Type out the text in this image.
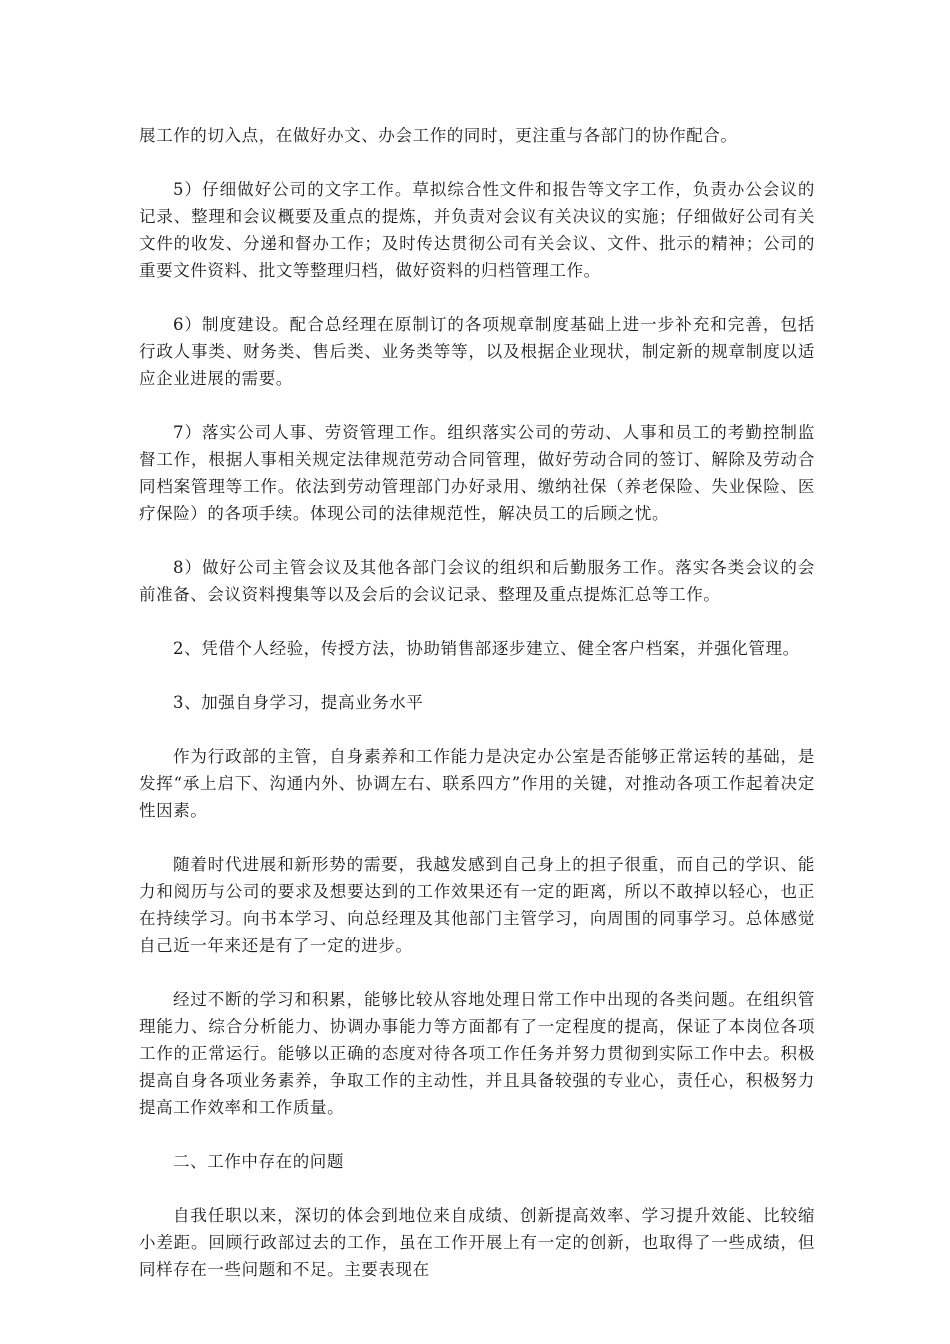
展工作的切入点，在做好办文、办会工作的同时，更注重与各部门的协作配合。

5）仔细做好公司的文字工作。草拟综合性文件和报告等文字工作，负责办公会议的记录、整理和会议概要及重点的提炼，并负责对会议有关决议的实施；仔细做好公司有关文件的收发、分递和督办工作；及时传达贯彻公司有关会议、文件、批示的精神；公司的重要文件资料、批文等整理归档，做好资料的归档管理工作。

6）制度建设。配合总经理在原制订的各项规章制度基础上进一步补充和完善，包括行政人事类、财务类、售后类、业务类等等，以及根据企业现状，制定新的规章制度以适应企业进展的需要。

7）落实公司人事、劳资管理工作。组织落实公司的劳动、人事和员工的考勤控制监督工作，根据人事相关规定法律规范劳动合同管理，做好劳动合同的签订、解除及劳动合同档案管理等工作。依法到劳动管理部门办好录用、缴纳社保（养老保险、失业保险、医疗保险）的各项手续。体现公司的法律规范性，解决员工的后顾之忧。

8）做好公司主管会议及其他各部门会议的组织和后勤服务工作。落实各类会议的会前准备、会议资料搜集等以及会后的会议记录、整理及重点提炼汇总等工作。

2、凭借个人经验，传授方法，协助销售部逐步建立、健全客户档案，并强化管理。

3、加强自身学习，提高业务水平

作为行政部的主管，自身素养和工作能力是决定办公室是否能够正常运转的基础，是发挥“承上启下、沟通内外、协调左右、联系四方”作用的关键，对推动各项工作起着决定性因素。

随着时代进展和新形势的需要，我越发感到自己身上的担子很重，而自己的学识、能力和阅历与公司的要求及想要达到的工作效果还有一定的距离，所以不敢掉以轻心，也正在持续学习。向书本学习、向总经理及其他部门主管学习，向周围的同事学习。总体感觉自己近一年来还是有了一定的进步。

经过不断的学习和积累，能够比较从容地处理日常工作中出现的各类问题。在组织管理能力、综合分析能力、协调办事能力等方面都有了一定程度的提高，保证了本岗位各项工作的正常运行。能够以正确的态度对待各项工作任务并努力贯彻到实际工作中去。积极提高自身各项业务素养，争取工作的主动性，并且具备较强的专业心，责任心，积极努力提高工作效率和工作质量。

二、工作中存在的问题

自我任职以来，深切的体会到地位来自成绩、创新提高效率、学习提升效能、比较缩小差距。回顾行政部过去的工作，虽在工作开展上有一定的创新，也取得了一些成绩，但同样存在一些问题和不足。主要表现在
